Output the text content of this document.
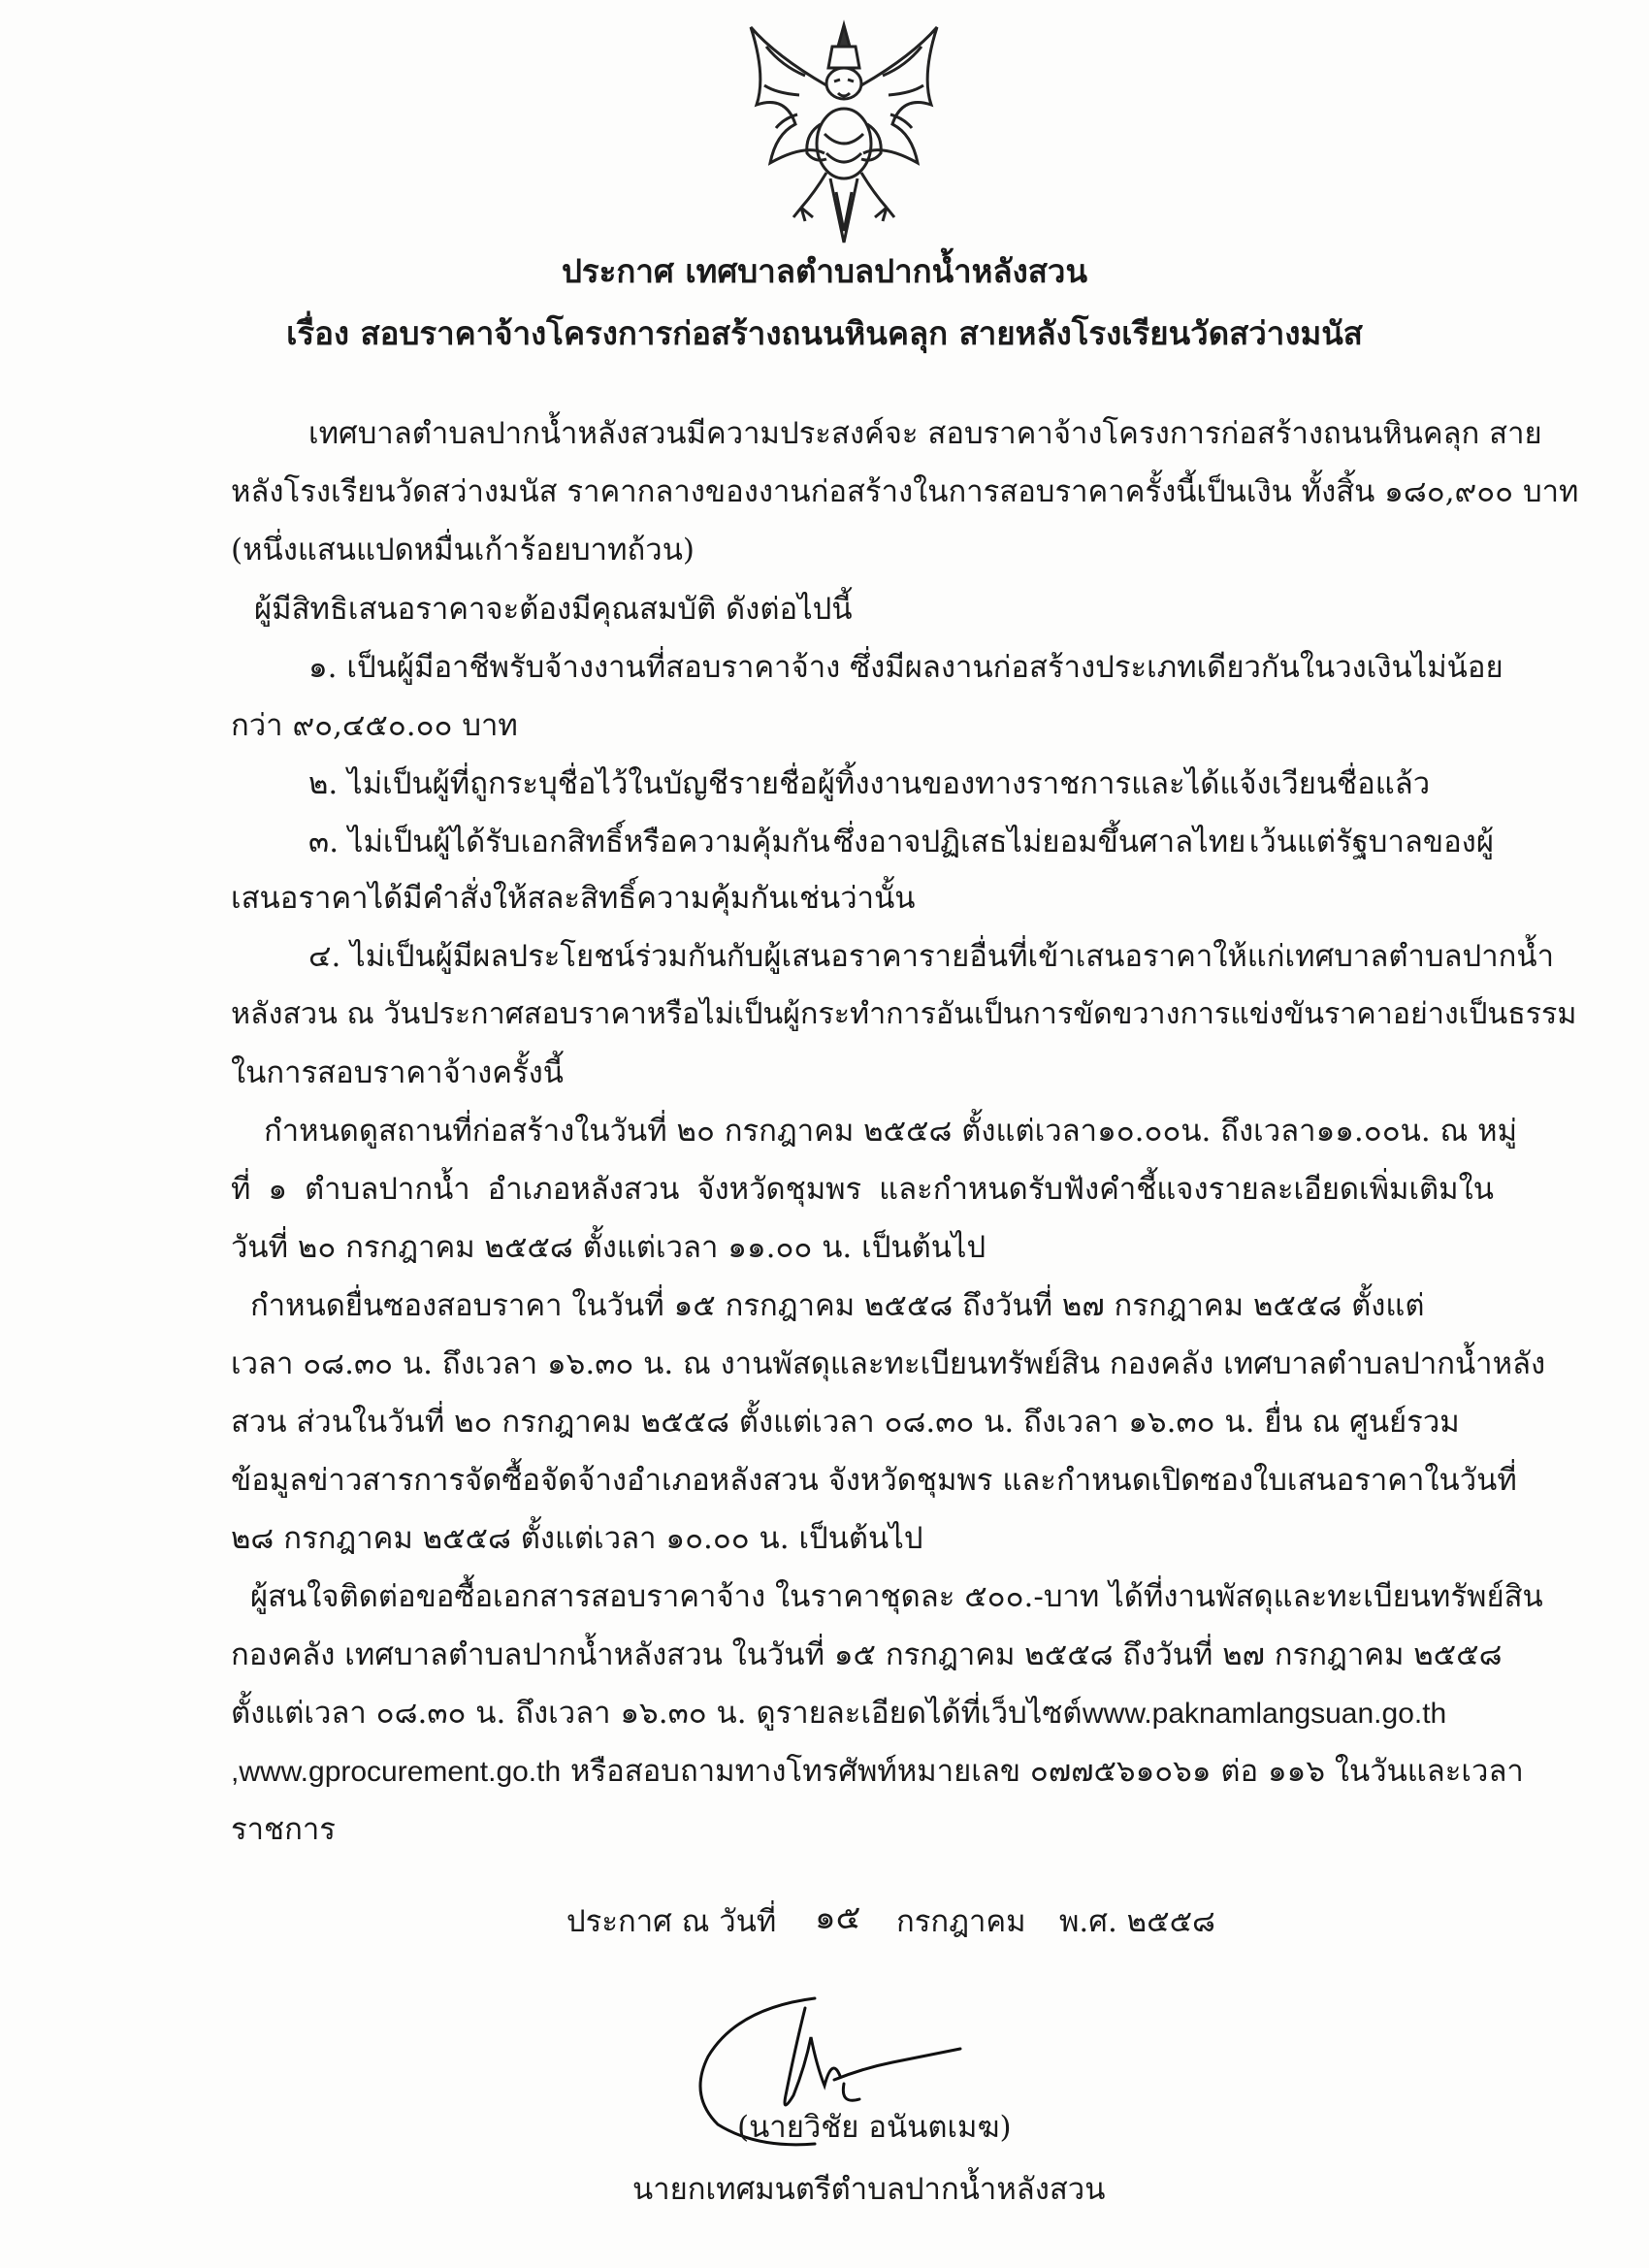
ประกาศ เทศบาลตำบลปากน้ำหลังสวน
เรื่อง สอบราคาจ้างโครงการก่อสร้างถนนหินคลุก สายหลังโรงเรียนวัดสว่างมนัส
เทศบาลตำบลปากน้ำหลังสวนมีความประสงค์จะ สอบราคาจ้างโครงการก่อสร้างถนนหินคลุก สาย
หลังโรงเรียนวัดสว่างมนัส ราคากลางของงานก่อสร้างในการสอบราคาครั้งนี้เป็นเงิน ทั้งสิ้น ๑๘๐,๙๐๐ บาท
(หนึ่งแสนแปดหมื่นเก้าร้อยบาทถ้วน)
ผู้มีสิทธิเสนอราคาจะต้องมีคุณสมบัติ ดังต่อไปนี้
๑. เป็นผู้มีอาชีพรับจ้างงานที่สอบราคาจ้าง ซึ่งมีผลงานก่อสร้างประเภทเดียวกัน ในวงเงินไม่น้อย
กว่า ๙๐,๔๕๐.๐๐ บาท
๒. ไม่เป็นผู้ที่ถูกระบุชื่อไว้ในบัญชีรายชื่อผู้ทิ้งงานของทางราชการและได้แจ้งเวียนชื่อแล้ว
๓. ไม่เป็นผู้ได้รับเอกสิทธิ์หรือความคุ้มกัน ซึ่งอาจปฏิเสธไม่ยอมขึ้นศาลไทย เว้นแต่รัฐบาลของผู้
เสนอราคาได้มีคำสั่งให้สละสิทธิ์ความคุ้มกันเช่นว่านั้น
๔. ไม่เป็นผู้มีผลประโยชน์ร่วมกันกับผู้เสนอราคารายอื่นที่เข้าเสนอราคาให้แก่เทศบาลตำบลปากน้ำ
หลังสวน ณ วันประกาศสอบราคาหรือไม่เป็นผู้กระทำการอันเป็นการขัดขวางการแข่งขันราคาอย่างเป็นธรรม
ในการสอบราคาจ้างครั้งนี้
กำหนดดูสถานที่ก่อสร้างในวันที่ ๒๐ กรกฎาคม ๒๕๕๘ ตั้งแต่เวลา๑๐.๐๐น. ถึงเวลา๑๑.๐๐น. ณ หมู่
ที่ ๑ ตำบลปากน้ำ อำเภอหลังสวน จังหวัดชุมพร และกำหนดรับฟังคำชี้แจงรายละเอียดเพิ่มเติมใน
วันที่ ๒๐ กรกฎาคม ๒๕๕๘ ตั้งแต่เวลา ๑๑.๐๐ น. เป็นต้นไป
กำหนดยื่นซองสอบราคา ในวันที่ ๑๕ กรกฎาคม ๒๕๕๘ ถึงวันที่ ๒๗ กรกฎาคม ๒๕๕๘ ตั้งแต่
เวลา ๐๘.๓๐ น. ถึงเวลา ๑๖.๓๐ น. ณ งานพัสดุและทะเบียนทรัพย์สิน กองคลัง เทศบาลตำบลปากน้ำหลัง
สวน ส่วนในวันที่ ๒๐ กรกฎาคม ๒๕๕๘ ตั้งแต่เวลา ๐๘.๓๐ น. ถึงเวลา ๑๖.๓๐ น. ยื่น ณ ศูนย์รวม
ข้อมูลข่าวสารการจัดซื้อจัดจ้างอำเภอหลังสวน จังหวัดชุมพร และกำหนดเปิดซองใบเสนอราคาในวันที่
๒๘ กรกฎาคม ๒๕๕๘ ตั้งแต่เวลา ๑๐.๐๐ น. เป็นต้นไป
ผู้สนใจติดต่อขอซื้อเอกสารสอบราคาจ้าง ในราคาชุดละ ๕๐๐.-บาท ได้ที่งานพัสดุและทะเบียนทรัพย์สิน
กองคลัง เทศบาลตำบลปากน้ำหลังสวน ในวันที่ ๑๕ กรกฎาคม ๒๕๕๘ ถึงวันที่ ๒๗ กรกฎาคม ๒๕๕๘
ตั้งแต่เวลา ๐๘.๓๐ น. ถึงเวลา ๑๖.๓๐ น. ดูรายละเอียดได้ที่เว็บไซต์ www.paknamlangsuan.go.th
,www.gprocurement.go.th หรือสอบถามทางโทรศัพท์หมายเลข ๐๗๗๕๖๑๐๖๑ ต่อ ๑๑๖ ในวันและเวลา
ราชการ
ประกาศ ณ วันที่ ๑๕ กรกฎาคม พ.ศ. ๒๕๕๘
(นายวิชัย อนันตเมฆ)
นายกเทศมนตรีตำบลปากน้ำหลังสวน
